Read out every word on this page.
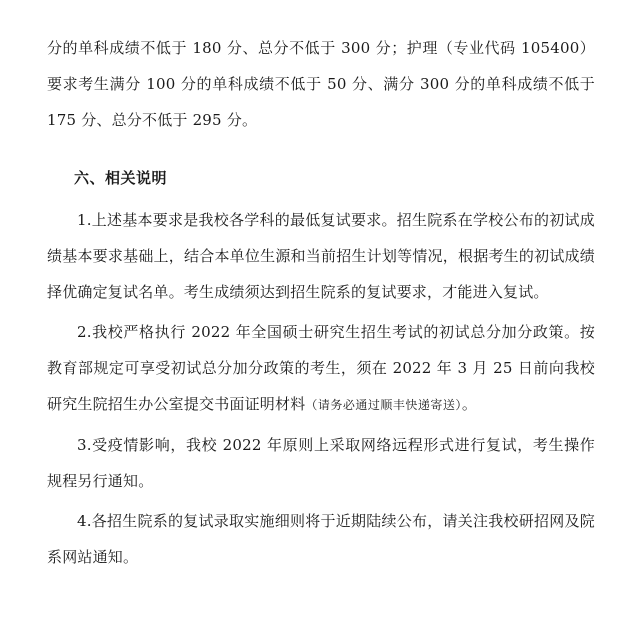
分的单科成绩不低于 180 分、总分不低于 300 分；护理（专业代码 105400）要求考生满分 100 分的单科成绩不低于 50 分、满分 300 分的单科成绩不低于 175 分、总分不低于 295 分。

六、相关说明

1.上述基本要求是我校各学科的最低复试要求。招生院系在学校公布的初试成绩基本要求基础上，结合本单位生源和当前招生计划等情况，根据考生的初试成绩择优确定复试名单。考生成绩须达到招生院系的复试要求，才能进入复试。

2.我校严格执行 2022 年全国硕士研究生招生考试的初试总分加分政策。按教育部规定可享受初试总分加分政策的考生，须在 2022 年 3 月 25 日前向我校研究生院招生办公室提交书面证明材料（请务必通过顺丰快递寄送）。

3.受疫情影响，我校 2022 年原则上采取网络远程形式进行复试，考生操作规程另行通知。

4.各招生院系的复试录取实施细则将于近期陆续公布，请关注我校研招网及院系网站通知。
